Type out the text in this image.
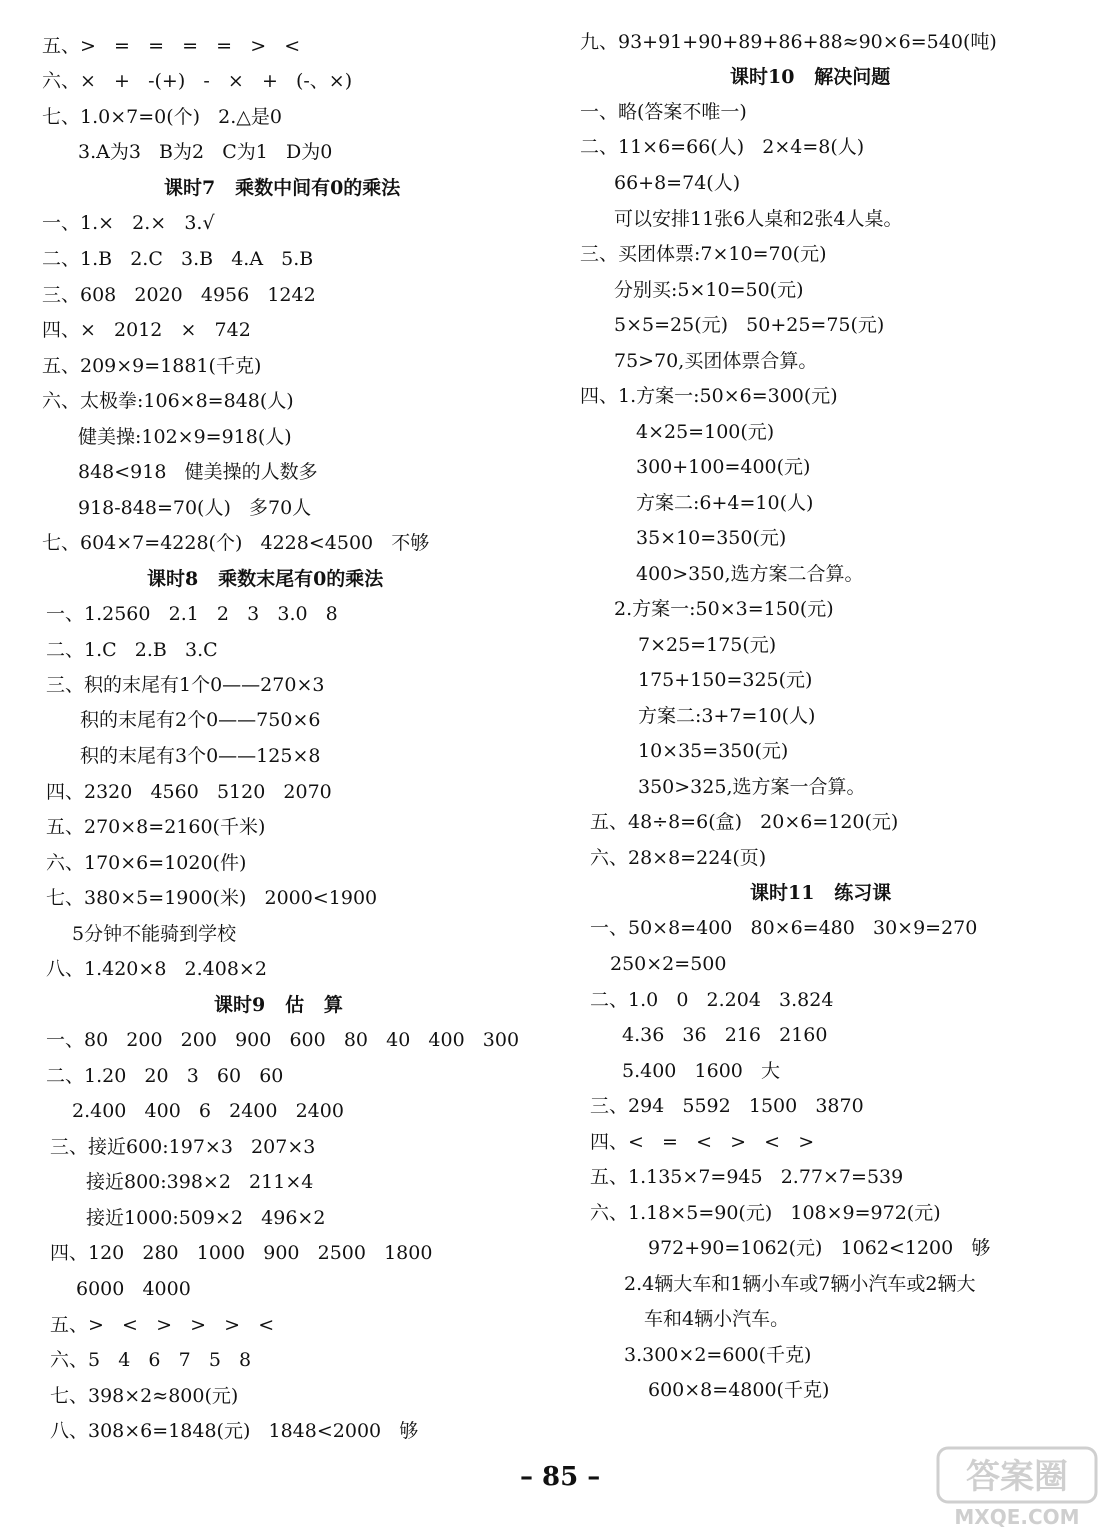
五、>   =   =   =   =   >   <
六、×   +   -(+)   -   ×   +   (-、×)
七、1.0×7=0(个)   2.△是0
3.A为3   B为2   C为1   D为0
课时7   乘数中间有0的乘法
一、1.×   2.×   3.√
二、1.B   2.C   3.B   4.A   5.B
三、608   2020   4956   1242
四、×   2012   ×   742
五、209×9=1881(千克)
六、太极拳:106×8=848(人)
健美操:102×9=918(人)
848<918   健美操的人数多
918-848=70(人)   多70人
七、604×7=4228(个)   4228<4500   不够
课时8   乘数末尾有0的乘法
一、1.2560   2.1   2   3   3.0   8
二、1.C   2.B   3.C
三、积的末尾有1个0——270×3
积的末尾有2个0——750×6
积的末尾有3个0——125×8
四、2320   4560   5120   2070
五、270×8=2160(千米)
六、170×6=1020(件)
七、380×5=1900(米)   2000<1900
5分钟不能骑到学校
八、1.420×8   2.408×2
课时9   估   算
一、80   200   200   900   600   80   40   400   300
二、1.20   20   3   60   60
2.400   400   6   2400   2400
三、接近600:197×3   207×3
接近800:398×2   211×4
接近1000:509×2   496×2
四、120   280   1000   900   2500   1800
6000   4000
五、>   <   >   >   >   <
六、5   4   6   7   5   8
七、398×2≈800(元)
八、308×6=1848(元)   1848<2000   够
九、93+91+90+89+86+88≈90×6=540(吨)
课时10   解决问题
一、略(答案不唯一)
二、11×6=66(人)   2×4=8(人)
66+8=74(人)
可以安排11张6人桌和2张4人桌。
三、买团体票:7×10=70(元)
分别买:5×10=50(元)
5×5=25(元)   50+25=75(元)
75>70,买团体票合算。
四、1.方案一:50×6=300(元)
4×25=100(元)
300+100=400(元)
方案二:6+4=10(人)
35×10=350(元)
400>350,选方案二合算。
2.方案一:50×3=150(元)
7×25=175(元)
175+150=325(元)
方案二:3+7=10(人)
10×35=350(元)
350>325,选方案一合算。
五、48÷8=6(盒)   20×6=120(元)
六、28×8=224(页)
课时11   练习课
一、50×8=400   80×6=480   30×9=270
250×2=500
二、1.0   0   2.204   3.824
4.36   36   216   2160
5.400   1600   大
三、294   5592   1500   3870
四、<   =   <   >   <   >
五、1.135×7=945   2.77×7=539
六、1.18×5=90(元)   108×9=972(元)
972+90=1062(元)   1062<1200   够
2.4辆大车和1辆小车或7辆小汽车或2辆大
车和4辆小汽车。
3.300×2=600(千克)
600×8=4800(千克)
– 85 –	答案圈
MXQE.COM
